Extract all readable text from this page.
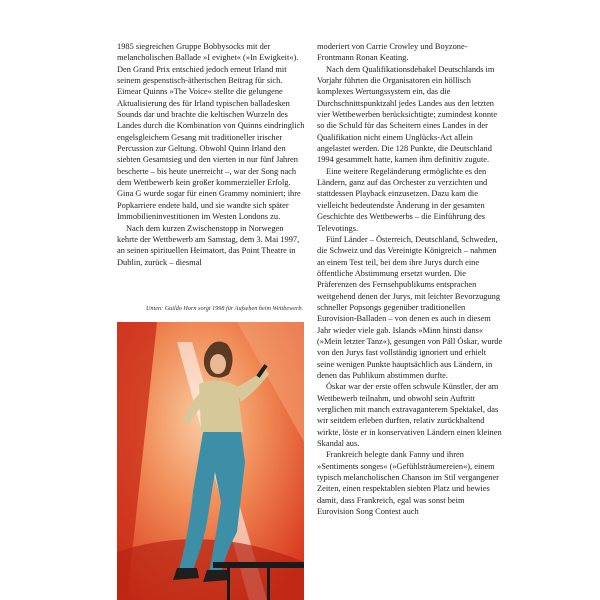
1985 siegreichen Gruppe Bobbysocks mit der melancholischen Ballade »I evighet« (»In Ewigkeit«). Den Grand Prix entschied jedoch erneut Irland mit seinem gespenstisch-ätherischen Beitrag für sich. Eimear Quinns »The Voice« stellte die gelungene Aktualisierung des für Irland typischen balladesken Sounds dar und brachte die keltischen Wurzeln des Landes durch die Kombination von Quinns eindringlich engelsgleichem Gesang mit traditioneller irischer Percussion zur Geltung. Obwohl Quinn Irland den siebten Gesamtsieg und den vierten in nur fünf Jahren bescherte – bis heute unerreicht –, war der Song nach dem Wettbewerb kein großer kommerzieller Erfolg. Gina G wurde sogar für einen Grammy nominiert; ihre Popkarriere endete bald, und sie wandte sich später Immobilieninvestitionen im Westen Londons zu.

Nach dem kurzen Zwischenstopp in Norwegen kehrte der Wettbewerb am Samstag, dem 3. Mai 1997, an seinen spirituellen Heimatort, das Point Theatre in Dublin, zurück – diesmal

Unten: Guildo Horn sorgt 1998 für Aufsehen beim Wettbewerb.

moderiert von Carrie Crowley und Boyzone-Frontmann Ronan Keating.

Nach dem Qualifikationsdebakel Deutschlands im Vorjahr führten die Organisatoren ein höllisch komplexes Wertungssystem ein, das die Durchschnittspunktzahl jedes Landes aus den letzten vier Wettbewerben berücksichtigte; zumindest konnte so die Schuld für das Scheitern eines Landes in der Qualifikation nicht einem Unglücks-Act allein angelastet werden. Die 128 Punkte, die Deutschland 1994 gesammelt hatte, kamen ihm definitiv zugute.

Eine weitere Regeländerung ermöglichte es den Ländern, ganz auf das Orchester zu verzichten und stattdessen Playback einzusetzen. Dazu kam die vielleicht bedeutendste Änderung in der gesamten Geschichte des Wettbewerbs – die Einführung des Televotings.

Fünf Länder – Österreich, Deutschland, Schweden, die Schweiz und das Vereinigte Königreich – nahmen an einem Test teil, bei dem ihre Jurys durch eine öffentliche Abstimmung ersetzt wurden. Die Präferenzen des Fernsehpublikums entsprachen weitgehend denen der Jurys, mit leichter Bevorzugung schneller Popsongs gegenüber traditionellen Eurovision-Balladen – von denen es auch in diesem Jahr wieder viele gab. Islands »Minn hinsti dans« (»Mein letzter Tanz«), gesungen von Páll Óskar, wurde von den Jurys fast vollständig ignoriert und erhielt seine wenigen Punkte hauptsächlich aus Ländern, in denen das Publikum abstimmen durfte.

Óskar war der erste offen schwule Künstler, der am Wettbewerb teilnahm, und obwohl sein Auftritt verglichen mit manch extravaganterem Spektakel, das wir seitdem erleben durften, relativ zurückhaltend wirkte, löste er in konservativen Ländern einen kleinen Skandal aus.

Frankreich belegte dank Fanny und ihren »Sentiments songes« (»Gefühlsträumereien«), einem typisch melancholischen Chanson im Stil vergangener Zeiten, einen respektablen siebten Platz und bewies damit, dass Frankreich, egal was sonst beim Eurovision Song Contest auch
